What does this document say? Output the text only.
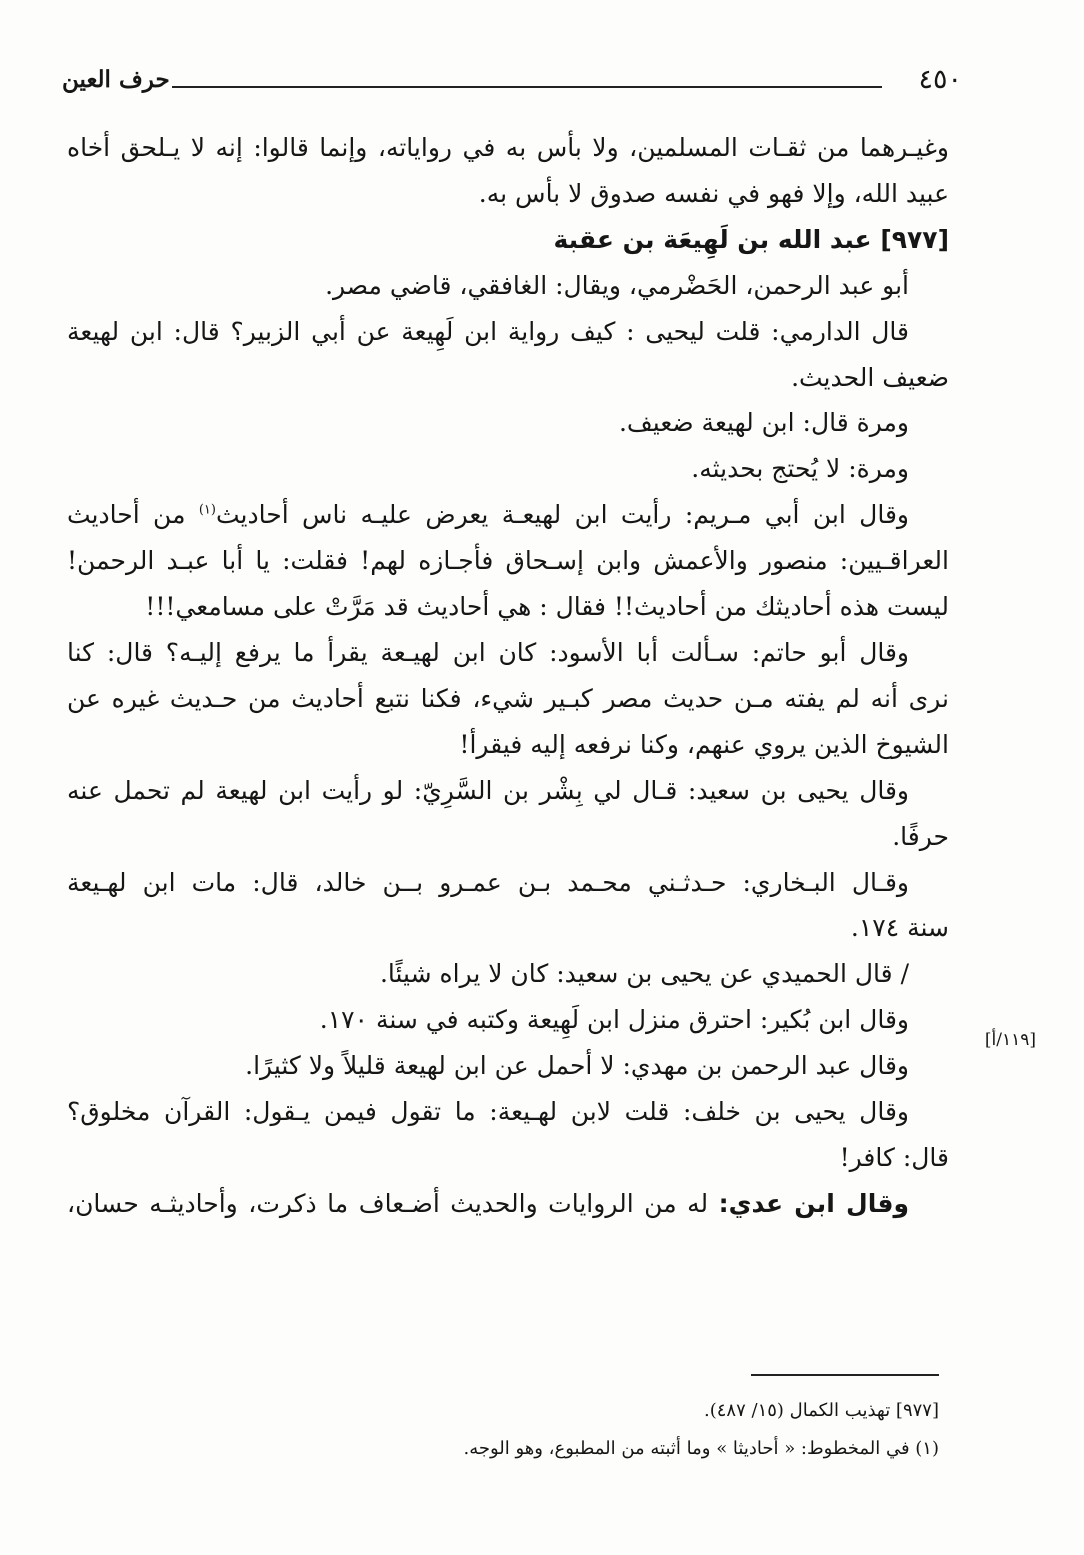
حرف العين	٤٥٠

وغيـرهما من ثقـات المسلمين، ولا بأس به في رواياته، وإنما قالوا: إنه لا يـلحق أخاه

عبيد الله، وإلا فهو في نفسه صدوق لا بأس به.

[٩٧٧] عبد الله بن لَهِيعَة بن عقبة

أبو عبد الرحمن، الحَضْرمي، ويقال: الغافقي، قاضي مصر.

قال الدارمي: قلت ليحيى : كيف رواية ابن لَهِيعة عن أبي الزبير؟ قال: ابن لهيعة

ضعيف الحديث.

ومرة قال: ابن لهيعة ضعيف.

ومرة: لا يُحتج بحديثه.

وقال ابن أبي مـريم: رأيت ابن لهيعـة يعرض عليـه ناس أحاديث$^{(١)}$ من أحاديث

العراقـيين: منصور والأعمش وابن إسـحاق فأجـازه لهم! فقلت: يا أبا عبـد الرحمن!

ليست هذه أحاديثك من أحاديث!! فقال : هي أحاديث قد مَرَّتْ على مسامعي!!!

وقال أبو حاتم: سـألت أبا الأسود: كان ابن لهيـعة يقرأ ما يرفع إليـه؟ قال: كنا

نرى أنه لم يفته مـن حديث مصر كبـير شيء، فكنا نتبع أحاديث من حـديث غيره عن

الشيوخ الذين يروي عنهم، وكنا نرفعه إليه فيقرأ!

وقال يحيى بن سعيد: قـال لي بِشْر بن السَّرِيّ: لو رأيت ابن لهيعة لم تحمل عنه

حرفًا.

وقـال البـخاري: حـدثـني محـمد بـن عمـرو بــن خالد، قال: مات ابن لهـيعة

سنة ١٧٤.

/ قال الحميدي عن يحيى بن سعيد: كان لا يراه شيئًا.

وقال ابن بُكير: احترق منزل ابن لَهِيعة وكتبه في سنة ١٧٠.

وقال عبد الرحمن بن مهدي: لا أحمل عن ابن لهيعة قليلاً ولا كثيرًا.

وقال يحيى بن خلف: قلت لابن لهـيعة: ما تقول فيمن يـقول: القرآن مخلوق؟

قال: كافر!

وقال ابن عدي: له من الروايات والحديث أضـعاف ما ذكرت، وأحاديثـه حسان،

[١١٩/أ]

[٩٧٧] تهذيب الكمال (١٥/ ٤٨٧).

(١) في المخطوط: « أحاديثا » وما أثبته من المطبوع، وهو الوجه.
